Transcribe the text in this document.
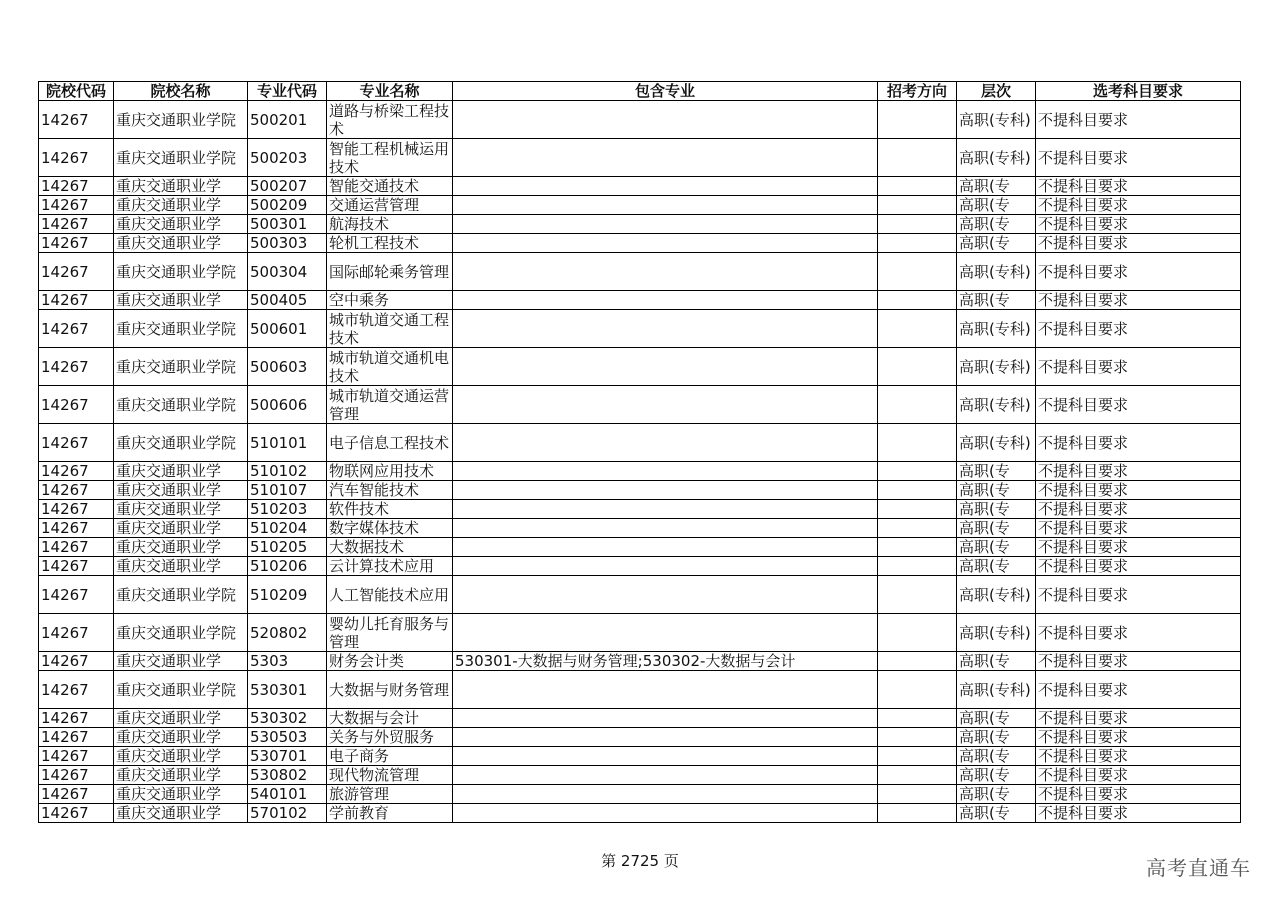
院校代码	院校名称	专业代码	专业名称	包含专业	招考方向	层次	选考科目要求
14267	重庆交通职业学院	500201	道路与桥梁工程技术			高职(专科)	不提科目要求
14267	重庆交通职业学院	500203	智能工程机械运用技术			高职(专科)	不提科目要求
14267	重庆交通职业学	500207	智能交通技术			高职(专	不提科目要求
14267	重庆交通职业学	500209	交通运营管理			高职(专	不提科目要求
14267	重庆交通职业学	500301	航海技术			高职(专	不提科目要求
14267	重庆交通职业学	500303	轮机工程技术			高职(专	不提科目要求
14267	重庆交通职业学院	500304	国际邮轮乘务管理			高职(专科)	不提科目要求
14267	重庆交通职业学	500405	空中乘务			高职(专	不提科目要求
14267	重庆交通职业学院	500601	城市轨道交通工程技术			高职(专科)	不提科目要求
14267	重庆交通职业学院	500603	城市轨道交通机电技术			高职(专科)	不提科目要求
14267	重庆交通职业学院	500606	城市轨道交通运营管理			高职(专科)	不提科目要求
14267	重庆交通职业学院	510101	电子信息工程技术			高职(专科)	不提科目要求
14267	重庆交通职业学	510102	物联网应用技术			高职(专	不提科目要求
14267	重庆交通职业学	510107	汽车智能技术			高职(专	不提科目要求
14267	重庆交通职业学	510203	软件技术			高职(专	不提科目要求
14267	重庆交通职业学	510204	数字媒体技术			高职(专	不提科目要求
14267	重庆交通职业学	510205	大数据技术			高职(专	不提科目要求
14267	重庆交通职业学	510206	云计算技术应用			高职(专	不提科目要求
14267	重庆交通职业学院	510209	人工智能技术应用			高职(专科)	不提科目要求
14267	重庆交通职业学院	520802	婴幼儿托育服务与管理			高职(专科)	不提科目要求
14267	重庆交通职业学	5303	财务会计类	530301-大数据与财务管理;530302-大数据与会计		高职(专	不提科目要求
14267	重庆交通职业学院	530301	大数据与财务管理			高职(专科)	不提科目要求
14267	重庆交通职业学	530302	大数据与会计			高职(专	不提科目要求
14267	重庆交通职业学	530503	关务与外贸服务			高职(专	不提科目要求
14267	重庆交通职业学	530701	电子商务			高职(专	不提科目要求
14267	重庆交通职业学	530802	现代物流管理			高职(专	不提科目要求
14267	重庆交通职业学	540101	旅游管理			高职(专	不提科目要求
14267	重庆交通职业学	570102	学前教育			高职(专	不提科目要求
第 2725 页	高考直通车
